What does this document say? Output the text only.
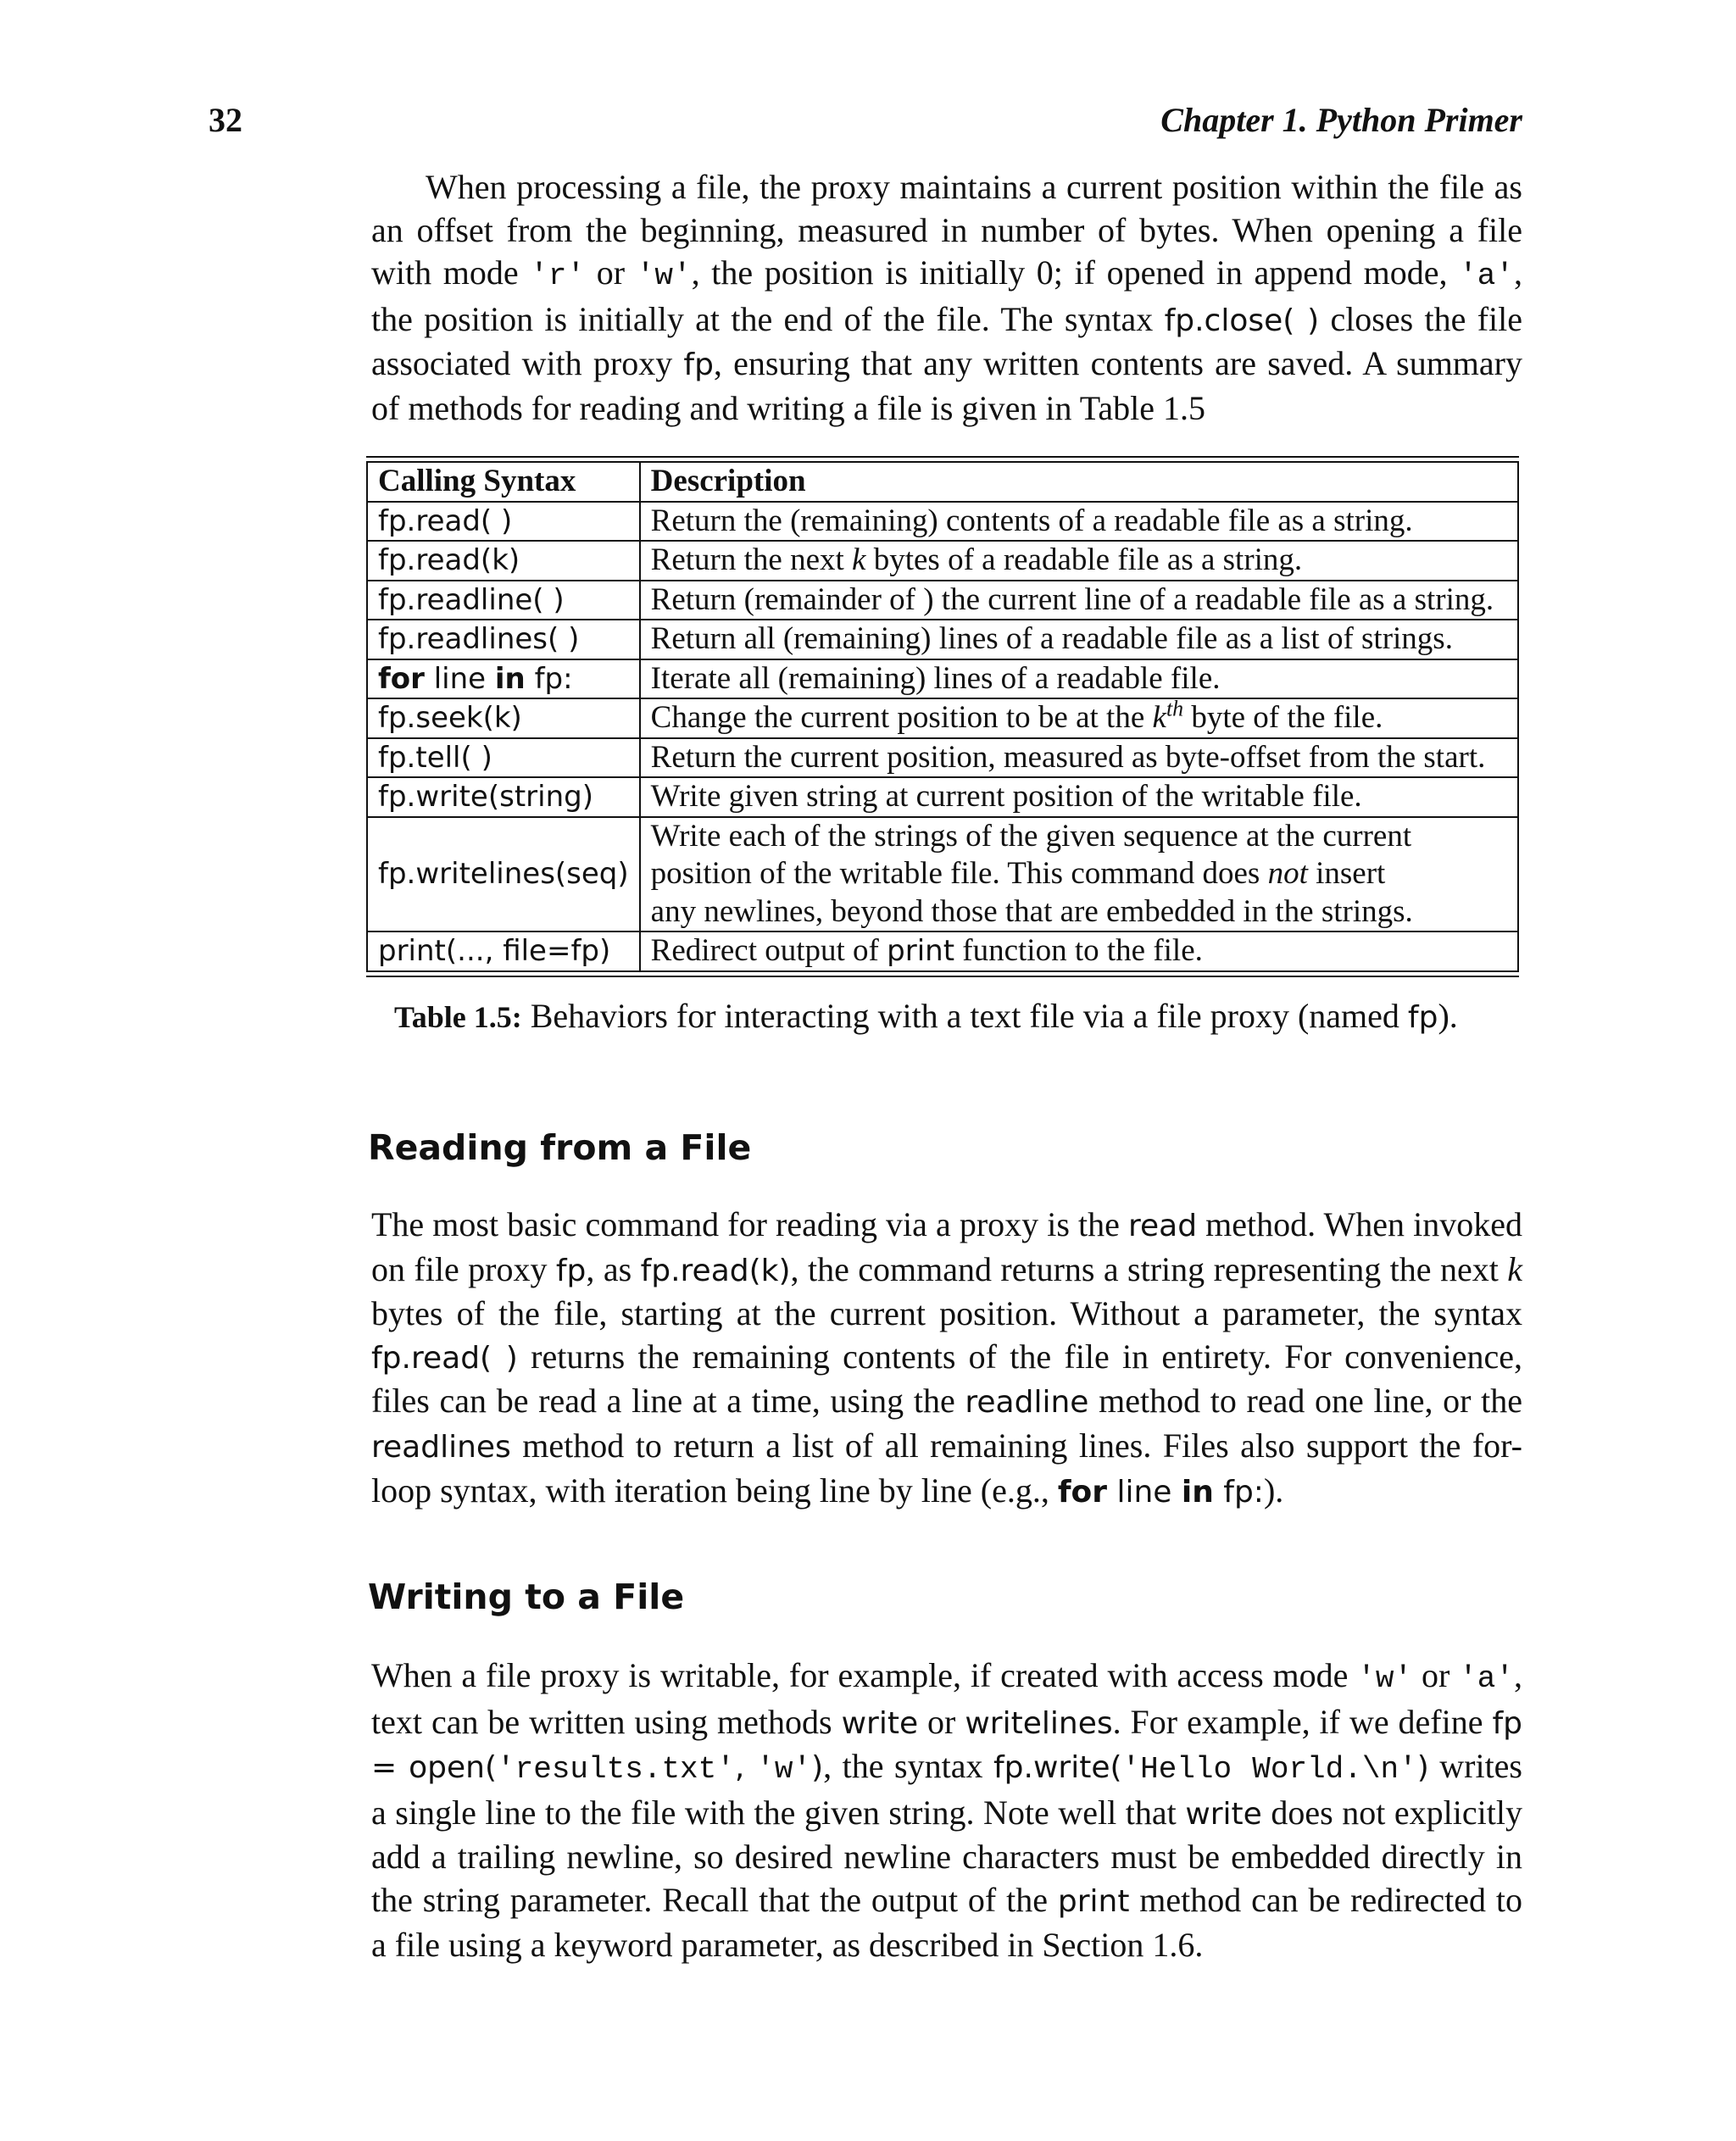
32	Chapter 1. Python Primer

When processing a file, the proxy maintains a current position within the file as an offset from the beginning, measured in number of bytes. When opening a file with mode 'r' or 'w', the position is initially 0; if opened in append mode, 'a', the position is initially at the end of the file. The syntax fp.close( ) closes the file associated with proxy fp, ensuring that any written contents are saved. A summary of methods for reading and writing a file is given in Table 1.5

Calling Syntax	Description
fp.read( )	Return the (remaining) contents of a readable file as a string.
fp.read(k)	Return the next k bytes of a readable file as a string.
fp.readline( )	Return (remainder of ) the current line of a readable file as a string.
fp.readlines( )	Return all (remaining) lines of a readable file as a list of strings.
for line in fp:	Iterate all (remaining) lines of a readable file.
fp.seek(k)	Change the current position to be at the $k^{th}$ byte of the file.
fp.tell( )	Return the current position, measured as byte-offset from the start.
fp.write(string)	Write given string at current position of the writable file.
fp.writelines(seq)	Write each of the strings of the given sequence at the current
position of the writable file. This command does not insert
any newlines, beyond those that are embedded in the strings.
print(..., file=fp)	Redirect output of print function to the file.
Table 1.5: Behaviors for interacting with a text file via a file proxy (named fp).
Reading from a File

The most basic command for reading via a proxy is the read method. When invoked on file proxy fp, as fp.read(k), the command returns a string representing the next k bytes of the file, starting at the current position. Without a parameter, the syntax fp.read( ) returns the remaining contents of the file in entirety. For convenience, files can be read a line at a time, using the readline method to read one line, or the readlines method to return a list of all remaining lines. Files also support the for-loop syntax, with iteration being line by line (e.g., for line in fp:).

Writing to a File

When a file proxy is writable, for example, if created with access mode 'w' or 'a', text can be written using methods write or writelines. For example, if we define fp = open('results.txt', 'w'), the syntax fp.write('Hello World.\n') writes a single line to the file with the given string. Note well that write does not explicitly add a trailing newline, so desired newline characters must be embedded directly in the string parameter. Recall that the output of the print method can be redirected to a file using a keyword parameter, as described in Section 1.6.
